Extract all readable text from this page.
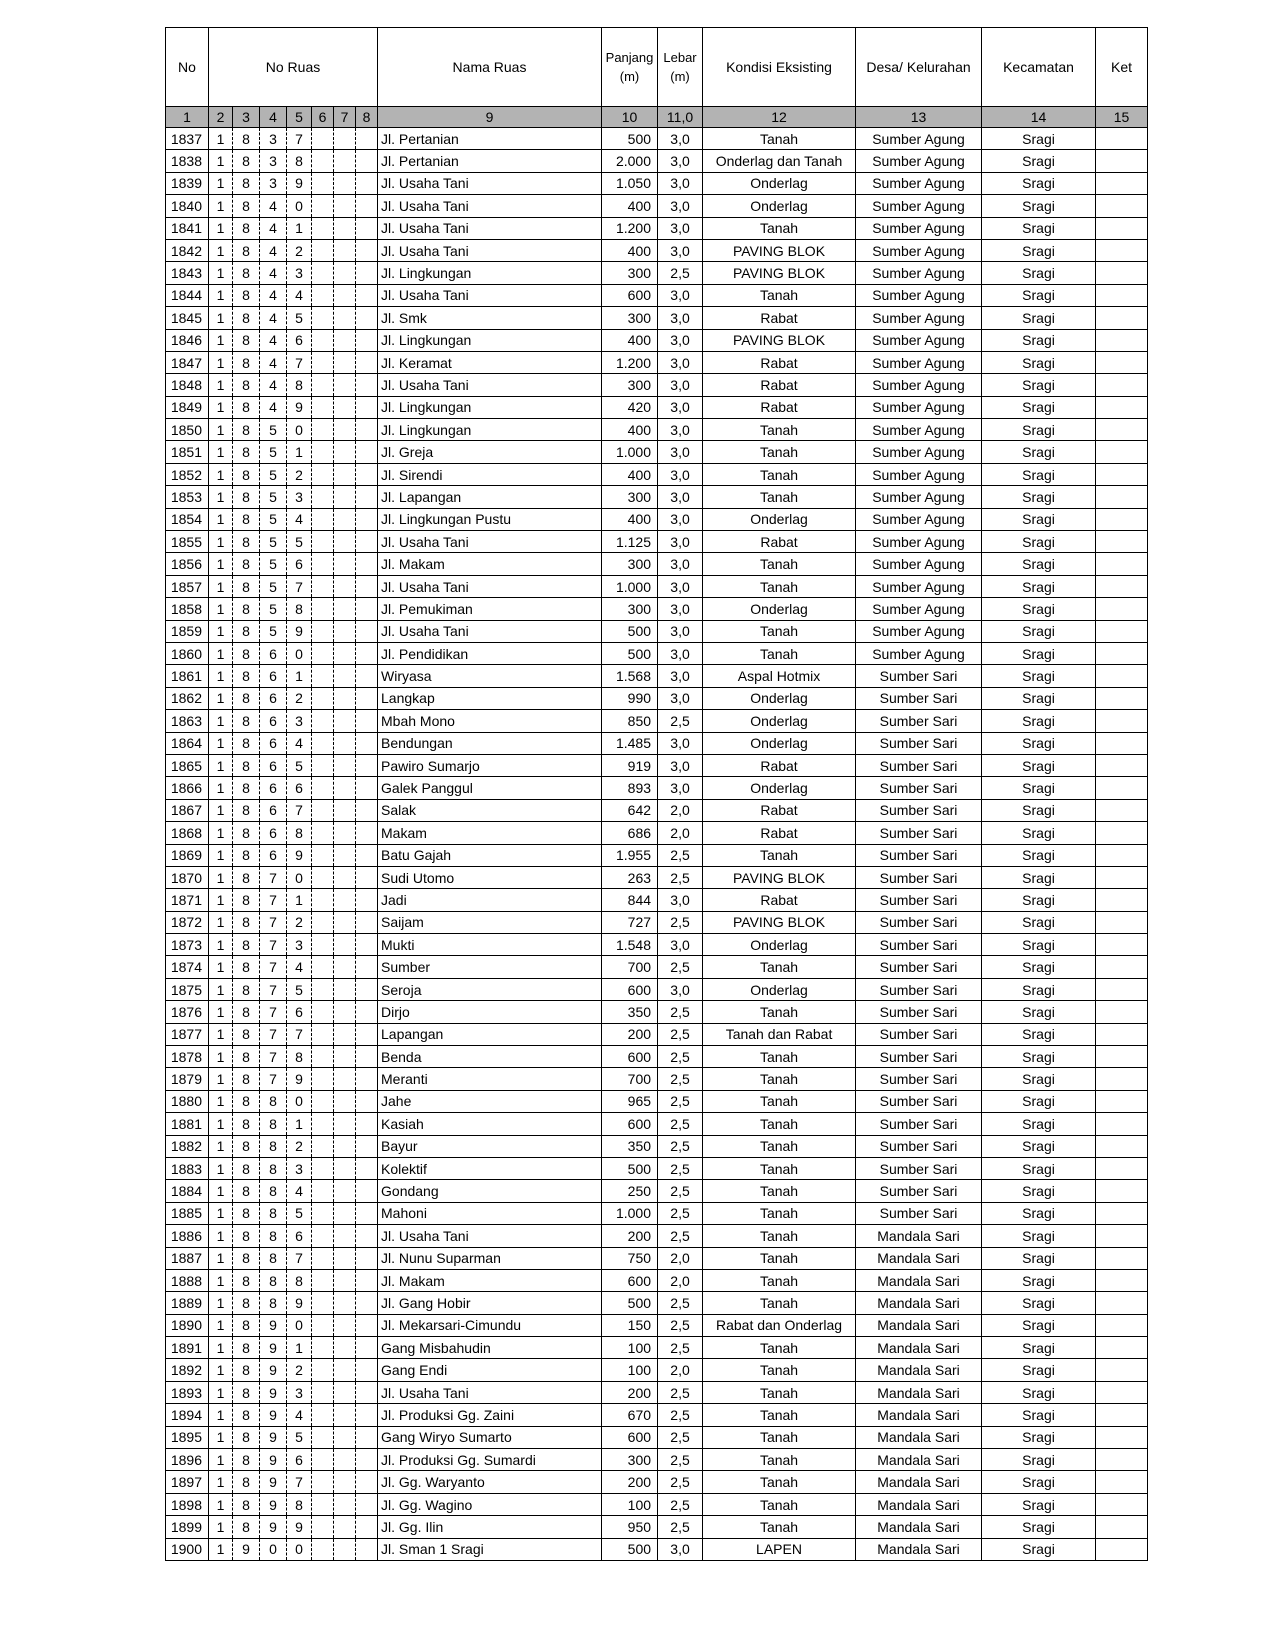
No	No Ruas							Nama Ruas	Panjang (m)	Lebar (m)	Kondisi Eksisting	Desa/ Kelurahan	Kecamatan	Ket
1	2	3	4	5	6	7	8	9	10	11,0	12	13	14	15
1837	1	8	3	7				Jl. Pertanian	500	3,0	Tanah	Sumber Agung	Sragi	
1838	1	8	3	8				Jl. Pertanian	2.000	3,0	Onderlag dan Tanah	Sumber Agung	Sragi	
1839	1	8	3	9				Jl. Usaha Tani	1.050	3,0	Onderlag	Sumber Agung	Sragi	
1840	1	8	4	0				Jl. Usaha Tani	400	3,0	Onderlag	Sumber Agung	Sragi	
1841	1	8	4	1				Jl. Usaha Tani	1.200	3,0	Tanah	Sumber Agung	Sragi	
1842	1	8	4	2				Jl. Usaha Tani	400	3,0	PAVING BLOK	Sumber Agung	Sragi	
1843	1	8	4	3				Jl. Lingkungan	300	2,5	PAVING BLOK	Sumber Agung	Sragi	
1844	1	8	4	4				Jl. Usaha Tani	600	3,0	Tanah	Sumber Agung	Sragi	
1845	1	8	4	5				Jl. Smk	300	3,0	Rabat	Sumber Agung	Sragi	
1846	1	8	4	6				Jl. Lingkungan	400	3,0	PAVING BLOK	Sumber Agung	Sragi	
1847	1	8	4	7				Jl. Keramat	1.200	3,0	Rabat	Sumber Agung	Sragi	
1848	1	8	4	8				Jl. Usaha Tani	300	3,0	Rabat	Sumber Agung	Sragi	
1849	1	8	4	9				Jl. Lingkungan	420	3,0	Rabat	Sumber Agung	Sragi	
1850	1	8	5	0				Jl. Lingkungan	400	3,0	Tanah	Sumber Agung	Sragi	
1851	1	8	5	1				Jl. Greja	1.000	3,0	Tanah	Sumber Agung	Sragi	
1852	1	8	5	2				Jl. Sirendi	400	3,0	Tanah	Sumber Agung	Sragi	
1853	1	8	5	3				Jl. Lapangan	300	3,0	Tanah	Sumber Agung	Sragi	
1854	1	8	5	4				Jl. Lingkungan Pustu	400	3,0	Onderlag	Sumber Agung	Sragi	
1855	1	8	5	5				Jl. Usaha Tani	1.125	3,0	Rabat	Sumber Agung	Sragi	
1856	1	8	5	6				Jl. Makam	300	3,0	Tanah	Sumber Agung	Sragi	
1857	1	8	5	7				Jl. Usaha Tani	1.000	3,0	Tanah	Sumber Agung	Sragi	
1858	1	8	5	8				Jl. Pemukiman	300	3,0	Onderlag	Sumber Agung	Sragi	
1859	1	8	5	9				Jl. Usaha Tani	500	3,0	Tanah	Sumber Agung	Sragi	
1860	1	8	6	0				Jl. Pendidikan	500	3,0	Tanah	Sumber Agung	Sragi	
1861	1	8	6	1				Wiryasa	1.568	3,0	Aspal Hotmix	Sumber Sari	Sragi	
1862	1	8	6	2				Langkap	990	3,0	Onderlag	Sumber Sari	Sragi	
1863	1	8	6	3				Mbah Mono	850	2,5	Onderlag	Sumber Sari	Sragi	
1864	1	8	6	4				Bendungan	1.485	3,0	Onderlag	Sumber Sari	Sragi	
1865	1	8	6	5				Pawiro Sumarjo	919	3,0	Rabat	Sumber Sari	Sragi	
1866	1	8	6	6				Galek Panggul	893	3,0	Onderlag	Sumber Sari	Sragi	
1867	1	8	6	7				Salak	642	2,0	Rabat	Sumber Sari	Sragi	
1868	1	8	6	8				Makam	686	2,0	Rabat	Sumber Sari	Sragi	
1869	1	8	6	9				Batu Gajah	1.955	2,5	Tanah	Sumber Sari	Sragi	
1870	1	8	7	0				Sudi Utomo	263	2,5	PAVING BLOK	Sumber Sari	Sragi	
1871	1	8	7	1				Jadi	844	3,0	Rabat	Sumber Sari	Sragi	
1872	1	8	7	2				Saijam	727	2,5	PAVING BLOK	Sumber Sari	Sragi	
1873	1	8	7	3				Mukti	1.548	3,0	Onderlag	Sumber Sari	Sragi	
1874	1	8	7	4				Sumber	700	2,5	Tanah	Sumber Sari	Sragi	
1875	1	8	7	5				Seroja	600	3,0	Onderlag	Sumber Sari	Sragi	
1876	1	8	7	6				Dirjo	350	2,5	Tanah	Sumber Sari	Sragi	
1877	1	8	7	7				Lapangan	200	2,5	Tanah dan Rabat	Sumber Sari	Sragi	
1878	1	8	7	8				Benda	600	2,5	Tanah	Sumber Sari	Sragi	
1879	1	8	7	9				Meranti	700	2,5	Tanah	Sumber Sari	Sragi	
1880	1	8	8	0				Jahe	965	2,5	Tanah	Sumber Sari	Sragi	
1881	1	8	8	1				Kasiah	600	2,5	Tanah	Sumber Sari	Sragi	
1882	1	8	8	2				Bayur	350	2,5	Tanah	Sumber Sari	Sragi	
1883	1	8	8	3				Kolektif	500	2,5	Tanah	Sumber Sari	Sragi	
1884	1	8	8	4				Gondang	250	2,5	Tanah	Sumber Sari	Sragi	
1885	1	8	8	5				Mahoni	1.000	2,5	Tanah	Sumber Sari	Sragi	
1886	1	8	8	6				Jl. Usaha Tani	200	2,5	Tanah	Mandala Sari	Sragi	
1887	1	8	8	7				Jl. Nunu Suparman	750	2,0	Tanah	Mandala Sari	Sragi	
1888	1	8	8	8				Jl. Makam	600	2,0	Tanah	Mandala Sari	Sragi	
1889	1	8	8	9				Jl. Gang Hobir	500	2,5	Tanah	Mandala Sari	Sragi	
1890	1	8	9	0				Jl. Mekarsari-Cimundu	150	2,5	Rabat dan Onderlag	Mandala Sari	Sragi	
1891	1	8	9	1				Gang Misbahudin	100	2,5	Tanah	Mandala Sari	Sragi	
1892	1	8	9	2				Gang Endi	100	2,0	Tanah	Mandala Sari	Sragi	
1893	1	8	9	3				Jl. Usaha Tani	200	2,5	Tanah	Mandala Sari	Sragi	
1894	1	8	9	4				Jl. Produksi Gg. Zaini	670	2,5	Tanah	Mandala Sari	Sragi	
1895	1	8	9	5				Gang Wiryo Sumarto	600	2,5	Tanah	Mandala Sari	Sragi	
1896	1	8	9	6				Jl. Produksi Gg. Sumardi	300	2,5	Tanah	Mandala Sari	Sragi	
1897	1	8	9	7				Jl. Gg. Waryanto	200	2,5	Tanah	Mandala Sari	Sragi	
1898	1	8	9	8				Jl. Gg. Wagino	100	2,5	Tanah	Mandala Sari	Sragi	
1899	1	8	9	9				Jl. Gg. Ilin	950	2,5	Tanah	Mandala Sari	Sragi	
1900	1	9	0	0				Jl. Sman 1 Sragi	500	3,0	LAPEN	Mandala Sari	Sragi	
